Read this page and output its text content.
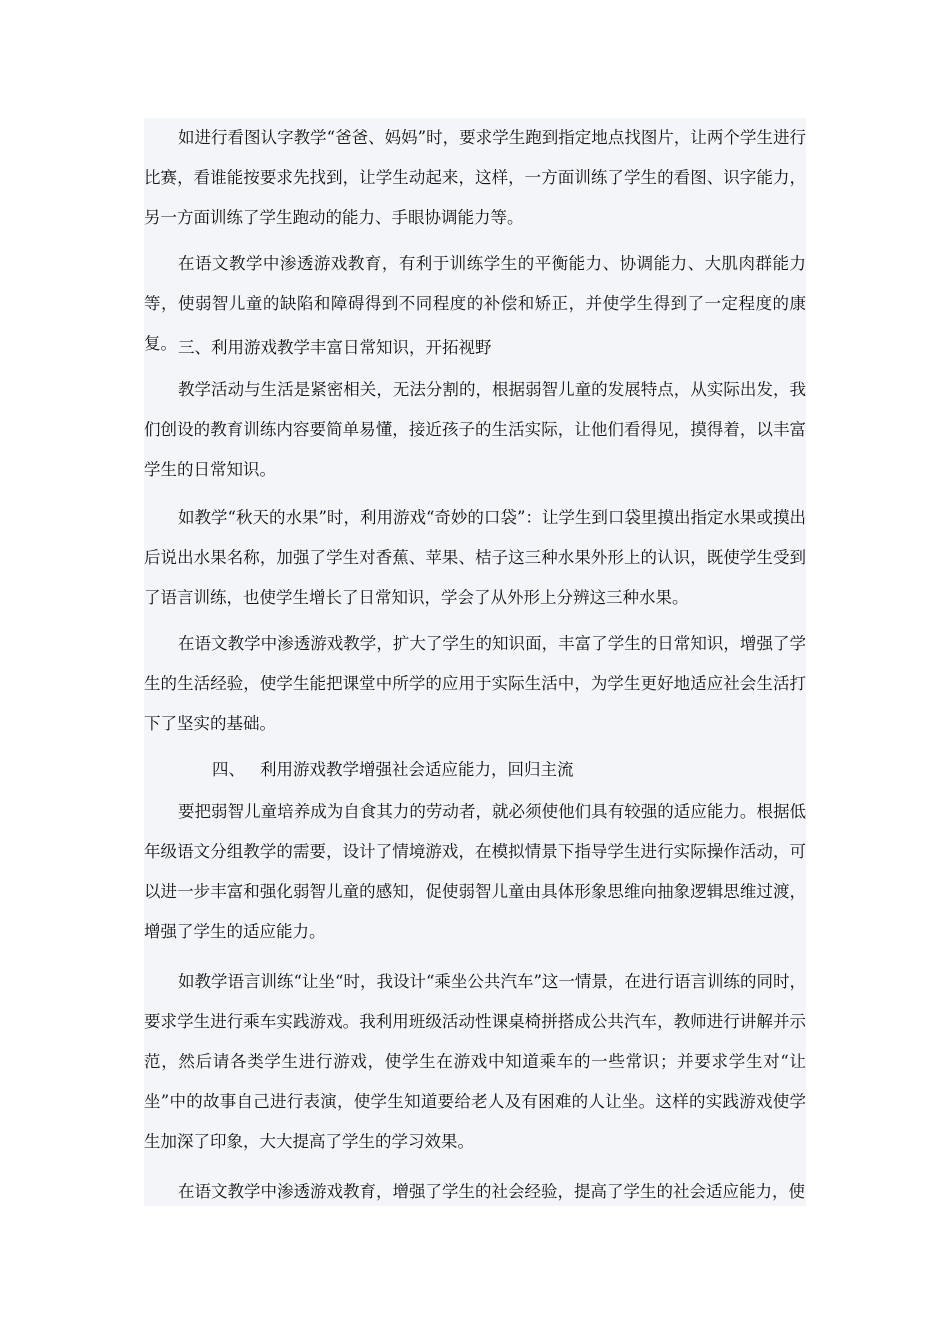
如进行看图认字教学“爸爸、妈妈”时，要求学生跑到指定地点找图片，让两个学生进行比赛，看谁能按要求先找到，让学生动起来，这样，一方面训练了学生的看图、识字能力，另一方面训练了学生跑动的能力、手眼协调能力等。

在语文教学中渗透游戏教育，有利于训练学生的平衡能力、协调能力、大肌肉群能力等，使弱智儿童的缺陷和障碍得到不同程度的补偿和矫正，并使学生得到了一定程度的康复。 三、利用游戏教学丰富日常知识，开拓视野

教学活动与生活是紧密相关，无法分割的，根据弱智儿童的发展特点，从实际出发，我们创设的教育训练内容要简单易懂，接近孩子的生活实际，让他们看得见，摸得着，以丰富学生的日常知识。

如教学“秋天的水果”时，利用游戏“奇妙的口袋”：让学生到口袋里摸出指定水果或摸出后说出水果名称，加强了学生对香蕉、苹果、桔子这三种水果外形上的认识，既使学生受到了语言训练，也使学生增长了日常知识，学会了从外形上分辨这三种水果。

在语文教学中渗透游戏教学，扩大了学生的知识面，丰富了学生的日常知识，增强了学生的生活经验，使学生能把课堂中所学的应用于实际生活中，为学生更好地适应社会生活打下了坚实的基础。

四、 利用游戏教学增强社会适应能力，回归主流

要把弱智儿童培养成为自食其力的劳动者，就必须使他们具有较强的适应能力。根据低年级语文分组教学的需要，设计了情境游戏，在模拟情景下指导学生进行实际操作活动，可以进一步丰富和强化弱智儿童的感知，促使弱智儿童由具体形象思维向抽象逻辑思维过渡，增强了学生的适应能力。

如教学语言训练“让坐“时，我设计“乘坐公共汽车”这一情景，在进行语言训练的同时，要求学生进行乘车实践游戏。我利用班级活动性课桌椅拼搭成公共汽车，教师进行讲解并示范，然后请各类学生进行游戏，使学生在游戏中知道乘车的一些常识；并要求学生对“让坐”中的故事自己进行表演，使学生知道要给老人及有困难的人让坐。这样的实践游戏使学生加深了印象，大大提高了学生的学习效果。

在语文教学中渗透游戏教育，增强了学生的社会经验，提高了学生的社会适应能力，使
